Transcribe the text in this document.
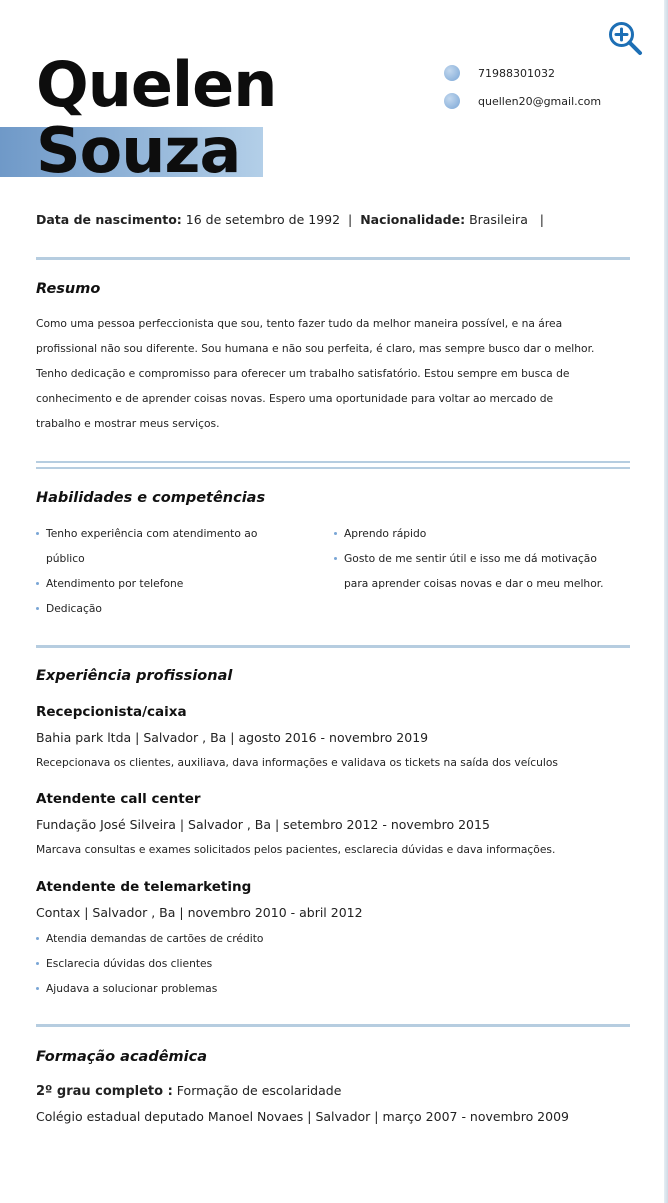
Quelen
Souza
71988301032
quellen20@gmail.com
Data de nascimento: 16 de setembro de 1992 | Nacionalidade: Brasileira |
Resumo
Como uma pessoa perfeccionista que sou, tento fazer tudo da melhor maneira possível, e na área
profissional não sou diferente. Sou humana e não sou perfeita, é claro, mas sempre busco dar o melhor.
Tenho dedicação e compromisso para oferecer um trabalho satisfatório. Estou sempre em busca de
conhecimento e de aprender coisas novas. Espero uma oportunidade para voltar ao mercado de
trabalho e mostrar meus serviços.
Habilidades e competências
Tenho experiência com atendimento ao
público
Atendimento por telefone
Dedicação
Aprendo rápido
Gosto de me sentir útil e isso me dá motivação
para aprender coisas novas e dar o meu melhor.
Experiência profissional
Recepcionista/caixa
Bahia park ltda | Salvador , Ba | agosto 2016 - novembro 2019
Recepcionava os clientes, auxiliava, dava informações e validava os tickets na saída dos veículos
Atendente call center
Fundação José Silveira | Salvador , Ba | setembro 2012 - novembro 2015
Marcava consultas e exames solicitados pelos pacientes, esclarecia dúvidas e dava informações.
Atendente de telemarketing
Contax | Salvador , Ba | novembro 2010 - abril 2012
Atendia demandas de cartões de crédito
Esclarecia dúvidas dos clientes
Ajudava a solucionar problemas
Formação acadêmica
2º grau completo : Formação de escolaridade
Colégio estadual deputado Manoel Novaes | Salvador | março 2007 - novembro 2009
